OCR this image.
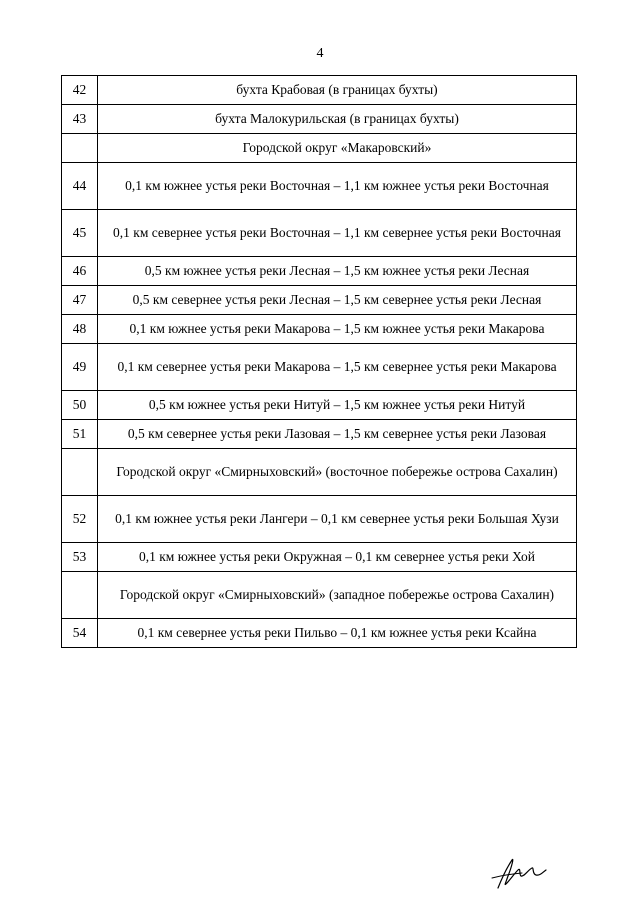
4
42	бухта Крабовая (в границах бухты)
43	бухта Малокурильская (в границах бухты)
	Городской округ «Макаровский»
44	0,1 км южнее устья реки Восточная – 1,1 км южнее устья реки Восточная
45	0,1 км севернее устья реки Восточная – 1,1 км севернее устья реки Восточная
46	0,5 км южнее устья реки Лесная – 1,5 км южнее устья реки Лесная
47	0,5 км севернее устья реки Лесная – 1,5 км севернее устья реки Лесная
48	0,1 км южнее устья реки Макарова – 1,5 км южнее устья реки Макарова
49	0,1 км севернее устья реки Макарова – 1,5 км севернее устья реки Макарова
50	0,5 км южнее устья реки Нитуй – 1,5 км южнее устья реки Нитуй
51	0,5 км севернее устья реки Лазовая – 1,5 км севернее устья реки Лазовая
	Городской округ «Смирныховский» (восточное побережье острова Сахалин)
52	0,1 км южнее устья реки Лангери – 0,1 км севернее устья реки Большая Хузи
53	0,1 км южнее устья реки Окружная – 0,1 км севернее устья реки Хой
	Городской округ «Смирныховский» (западное побережье острова Сахалин)
54	0,1 км севернее устья реки Пильво – 0,1 км южнее устья реки Ксайна
